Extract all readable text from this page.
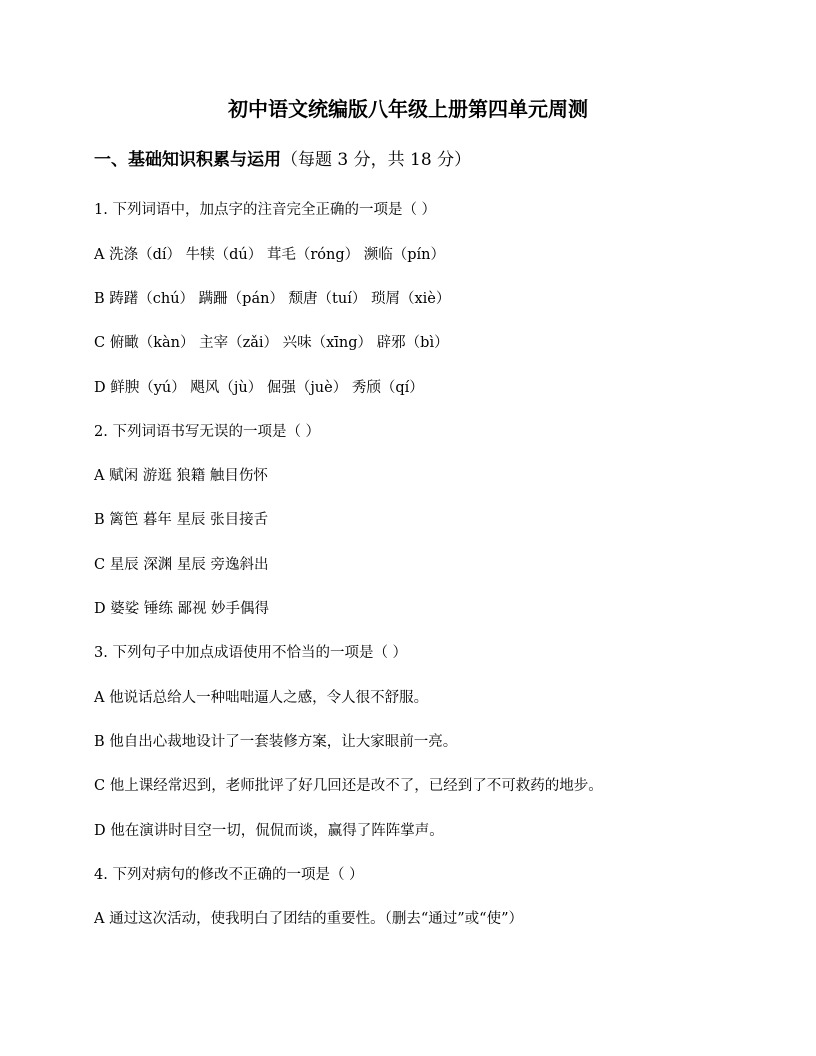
初中语文统编版八年级上册第四单元周测
一、基础知识积累与运用（每题 3 分，共 18 分）
1. 下列词语中，加点字的注音完全正确的一项是（ ）
A 洗涤（dí） 牛犊（dú） 茸毛（róng） 濒临（pín）
B 踌躇（chú） 蹒跚（pán） 颓唐（tuí） 琐屑（xiè）
C 俯瞰（kàn） 主宰（zǎi） 兴味（xīng） 辟邪（bì）
D 鲜腴（yú） 飓风（jù） 倔强（juè） 秀颀（qí）
2. 下列词语书写无误的一项是（ ）
A 赋闲 游逛 狼籍 触目伤怀
B 篱笆 暮年 星辰 张目接舌
C 星辰 深渊 星辰 旁逸斜出
D 婆娑 锤练 鄙视 妙手偶得
3. 下列句子中加点成语使用不恰当的一项是（ ）
A 他说话总给人一种咄咄逼人之感，令人很不舒服。
B 他自出心裁地设计了一套装修方案，让大家眼前一亮。
C 他上课经常迟到，老师批评了好几回还是改不了，已经到了不可救药的地步。
D 他在演讲时目空一切，侃侃而谈，赢得了阵阵掌声。
4. 下列对病句的修改不正确的一项是（ ）
A 通过这次活动，使我明白了团结的重要性。（删去“通过”或“使”）
